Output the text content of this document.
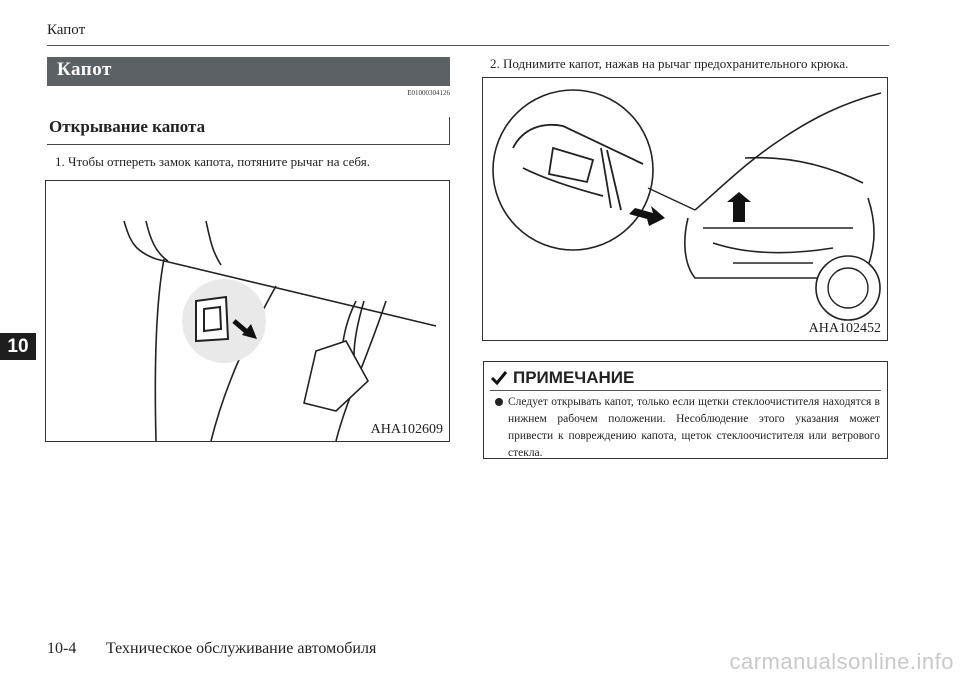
Капот
Капот
E01000304126
Открывание капота
1. Чтобы отпереть замок капота, потяните рычаг на себя.
AHA102609
2. Поднимите капот, нажав на рычаг предохранительного крюка.
AHA102452
ПРИМЕЧАНИЕ
Следует открывать капот, только если щетки стеклоочистителя находятся в нижнем рабочем положении. Несоблюдение этого указания может привести к повреждению капота, щеток стеклоочистителя или ветрового стекла.
10
10-4 Техническое обслуживание автомобиля
carmanualsonline.info
